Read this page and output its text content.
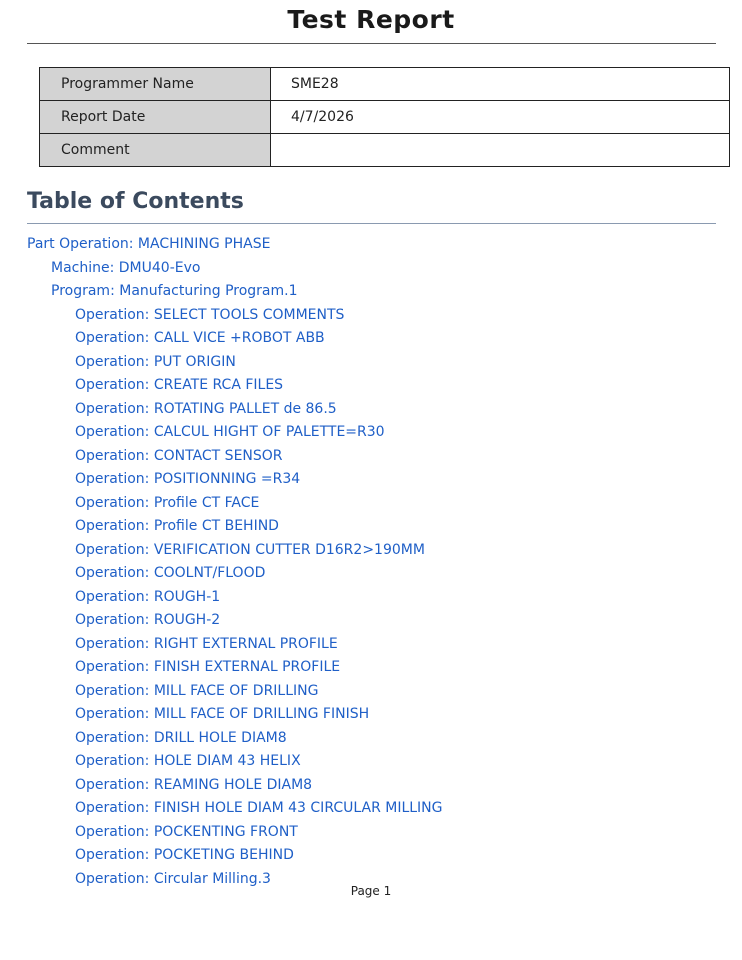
Test Report
Programmer Name	SME28
Report Date	4/7/2026
Comment	
Table of Contents
Part Operation: MACHINING PHASE
Machine: DMU40-Evo
Program: Manufacturing Program.1
Operation: SELECT TOOLS COMMENTS
Operation: CALL VICE +ROBOT ABB
Operation: PUT ORIGIN
Operation: CREATE RCA FILES
Operation: ROTATING PALLET de 86.5
Operation: CALCUL HIGHT OF PALETTE=R30
Operation: CONTACT SENSOR
Operation: POSITIONNING =R34
Operation: Profile CT FACE
Operation: Profile CT BEHIND
Operation: VERIFICATION CUTTER D16R2>190MM
Operation: COOLNT/FLOOD
Operation: ROUGH-1
Operation: ROUGH-2
Operation: RIGHT EXTERNAL PROFILE
Operation: FINISH EXTERNAL PROFILE
Operation: MILL FACE OF DRILLING
Operation: MILL FACE OF DRILLING FINISH
Operation: DRILL HOLE DIAM8
Operation: HOLE DIAM 43 HELIX
Operation: REAMING HOLE DIAM8
Operation: FINISH HOLE DIAM 43 CIRCULAR MILLING
Operation: POCKENTING FRONT
Operation: POCKETING BEHIND
Operation: Circular Milling.3
Page 1
